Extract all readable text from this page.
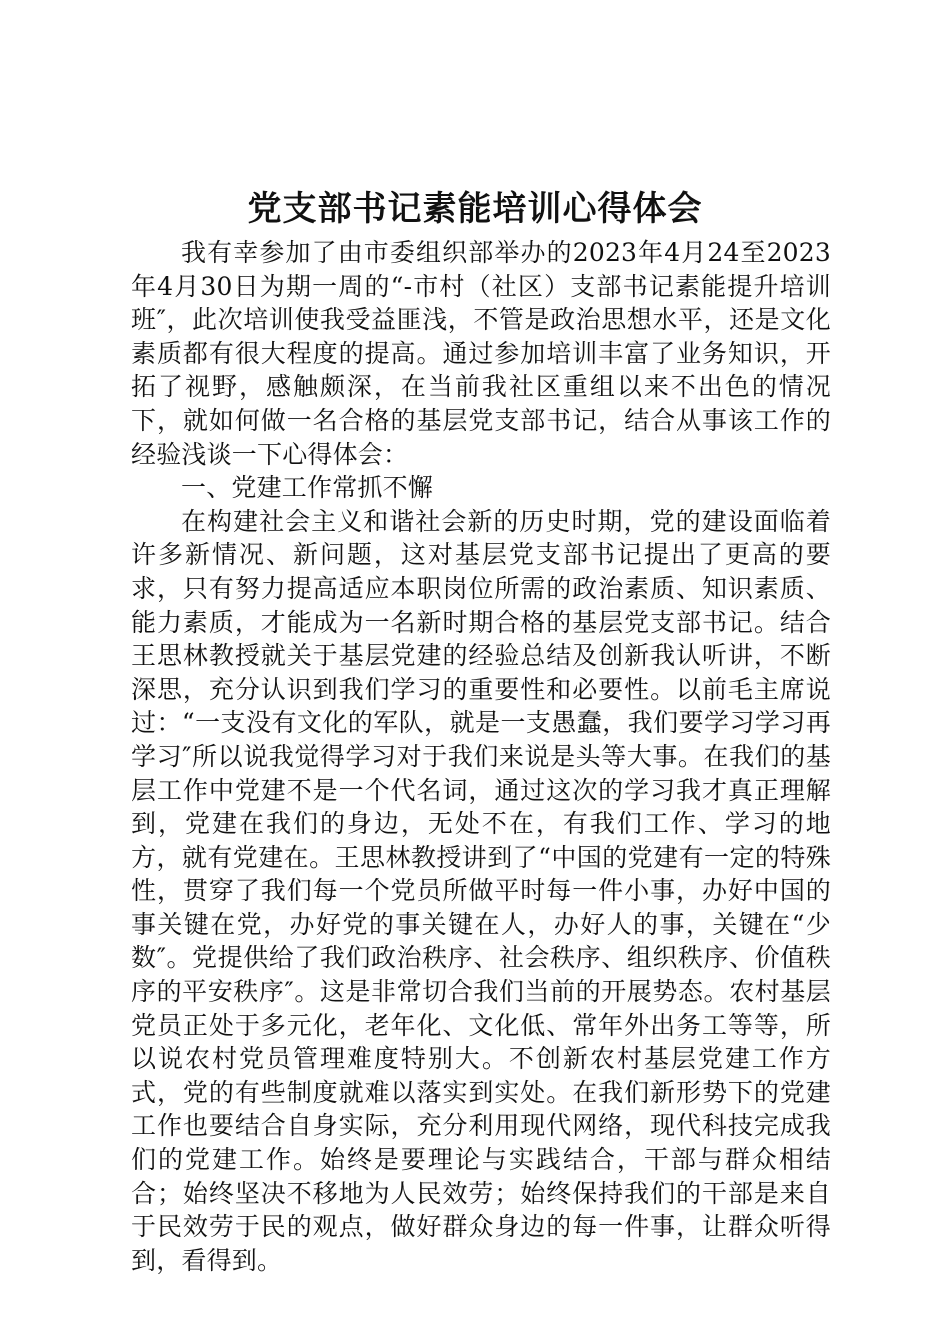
党支部书记素能培训心得体会

我有幸参加了由市委组织部举办的2023年4月24至2023年4月30日为期一周的“-市村（社区）支部书记素能提升培训班″，此次培训使我受益匪浅，不管是政治思想水平，还是文化素质都有很大程度的提高。通过参加培训丰富了业务知识，开拓了视野，感触颇深，在当前我社区重组以来不出色的情况下，就如何做一名合格的基层党支部书记，结合从事该工作的经验浅谈一下心得体会：

一、党建工作常抓不懈

在构建社会主义和谐社会新的历史时期，党的建设面临着许多新情况、新问题，这对基层党支部书记提出了更高的要求，只有努力提高适应本职岗位所需的政治素质、知识素质、能力素质，才能成为一名新时期合格的基层党支部书记。结合王思林教授就关于基层党建的经验总结及创新我认听讲，不断深思，充分认识到我们学习的重要性和必要性。以前毛主席说过：“一支没有文化的军队，就是一支愚蠢，我们要学习学习再学习″所以说我觉得学习对于我们来说是头等大事。在我们的基层工作中党建不是一个代名词，通过这次的学习我才真正理解到，党建在我们的身边，无处不在，有我们工作、学习的地方，就有党建在。王思林教授讲到了“中国的党建有一定的特殊性，贯穿了我们每一个党员所做平时每一件小事，办好中国的事关键在党，办好党的事关键在人，办好人的事，关键在“少数″。党提供给了我们政治秩序、社会秩序、组织秩序、价值秩序的平安秩序″。这是非常切合我们当前的开展势态。农村基层党员正处于多元化，老年化、文化低、常年外出务工等等，所以说农村党员管理难度特别大。不创新农村基层党建工作方式，党的有些制度就难以落实到实处。在我们新形势下的党建工作也要结合自身实际，充分利用现代网络，现代科技完成我们的党建工作。始终是要理论与实践结合，干部与群众相结合；始终坚决不移地为人民效劳；始终保持我们的干部是来自于民效劳于民的观点，做好群众身边的每一件事，让群众听得到，看得到。
